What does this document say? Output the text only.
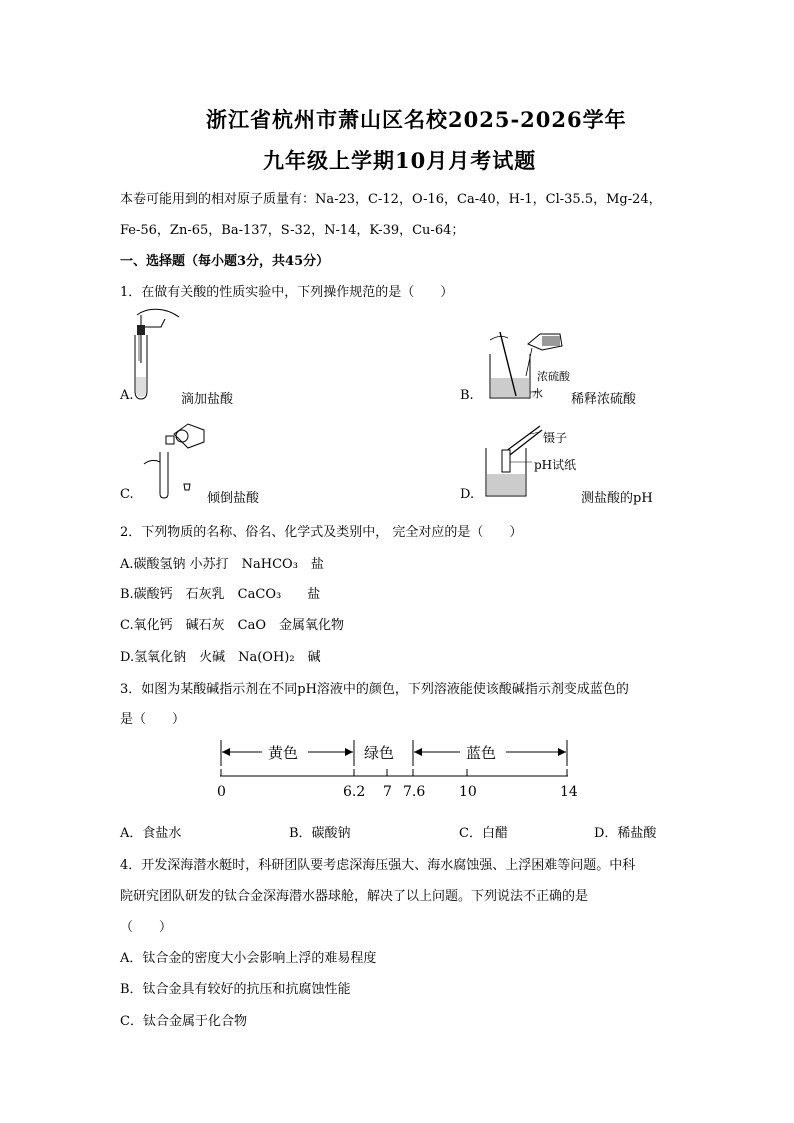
浙江省杭州市萧山区名校2025-2026学年
九年级上学期10月月考试题
本卷可能用到的相对原子质量有：Na-23，C-12，O-16，Ca-40，H-1，Cl-35.5，Mg-24，
Fe-56，Zn-65，Ba-137，S-32，N-14，K-39，Cu-64；
一、选择题（每小题3分，共45分）
1．在做有关酸的性质实验中，下列操作规范的是（　　）
A.	滴加盐酸
浓硫酸
水
B.	稀释浓硫酸
C.	倾倒盐酸
镊子
pH试纸
D.	测盐酸的pH
2．下列物质的名称、俗名、化学式及类别中， 完全对应的是（　　）
A.碳酸氢钠 小苏打　NaHCO₃　盐
B.碳酸钙　石灰乳　CaCO₃　　盐
C.氧化钙　碱石灰　CaO　金属氧化物
D.氢氧化钠　火碱　Na(OH)₂　碱
3．如图为某酸碱指示剂在不同pH溶液中的颜色，下列溶液能使该酸碱指示剂变成蓝色的
是（　　）
黄色	绿色	蓝色
0	6.2 7 7.6 10	14
A．食盐水	B．碳酸钠	C．白醋	D．稀盐酸
4．开发深海潜水艇时，科研团队要考虑深海压强大、海水腐蚀强、上浮困难等问题。中科
院研究团队研发的钛合金深海潜水器球舱，解决了以上问题。下列说法不正确的是
（　　）
A．钛合金的密度大小会影响上浮的难易程度
B．钛合金具有较好的抗压和抗腐蚀性能
C．钛合金属于化合物
